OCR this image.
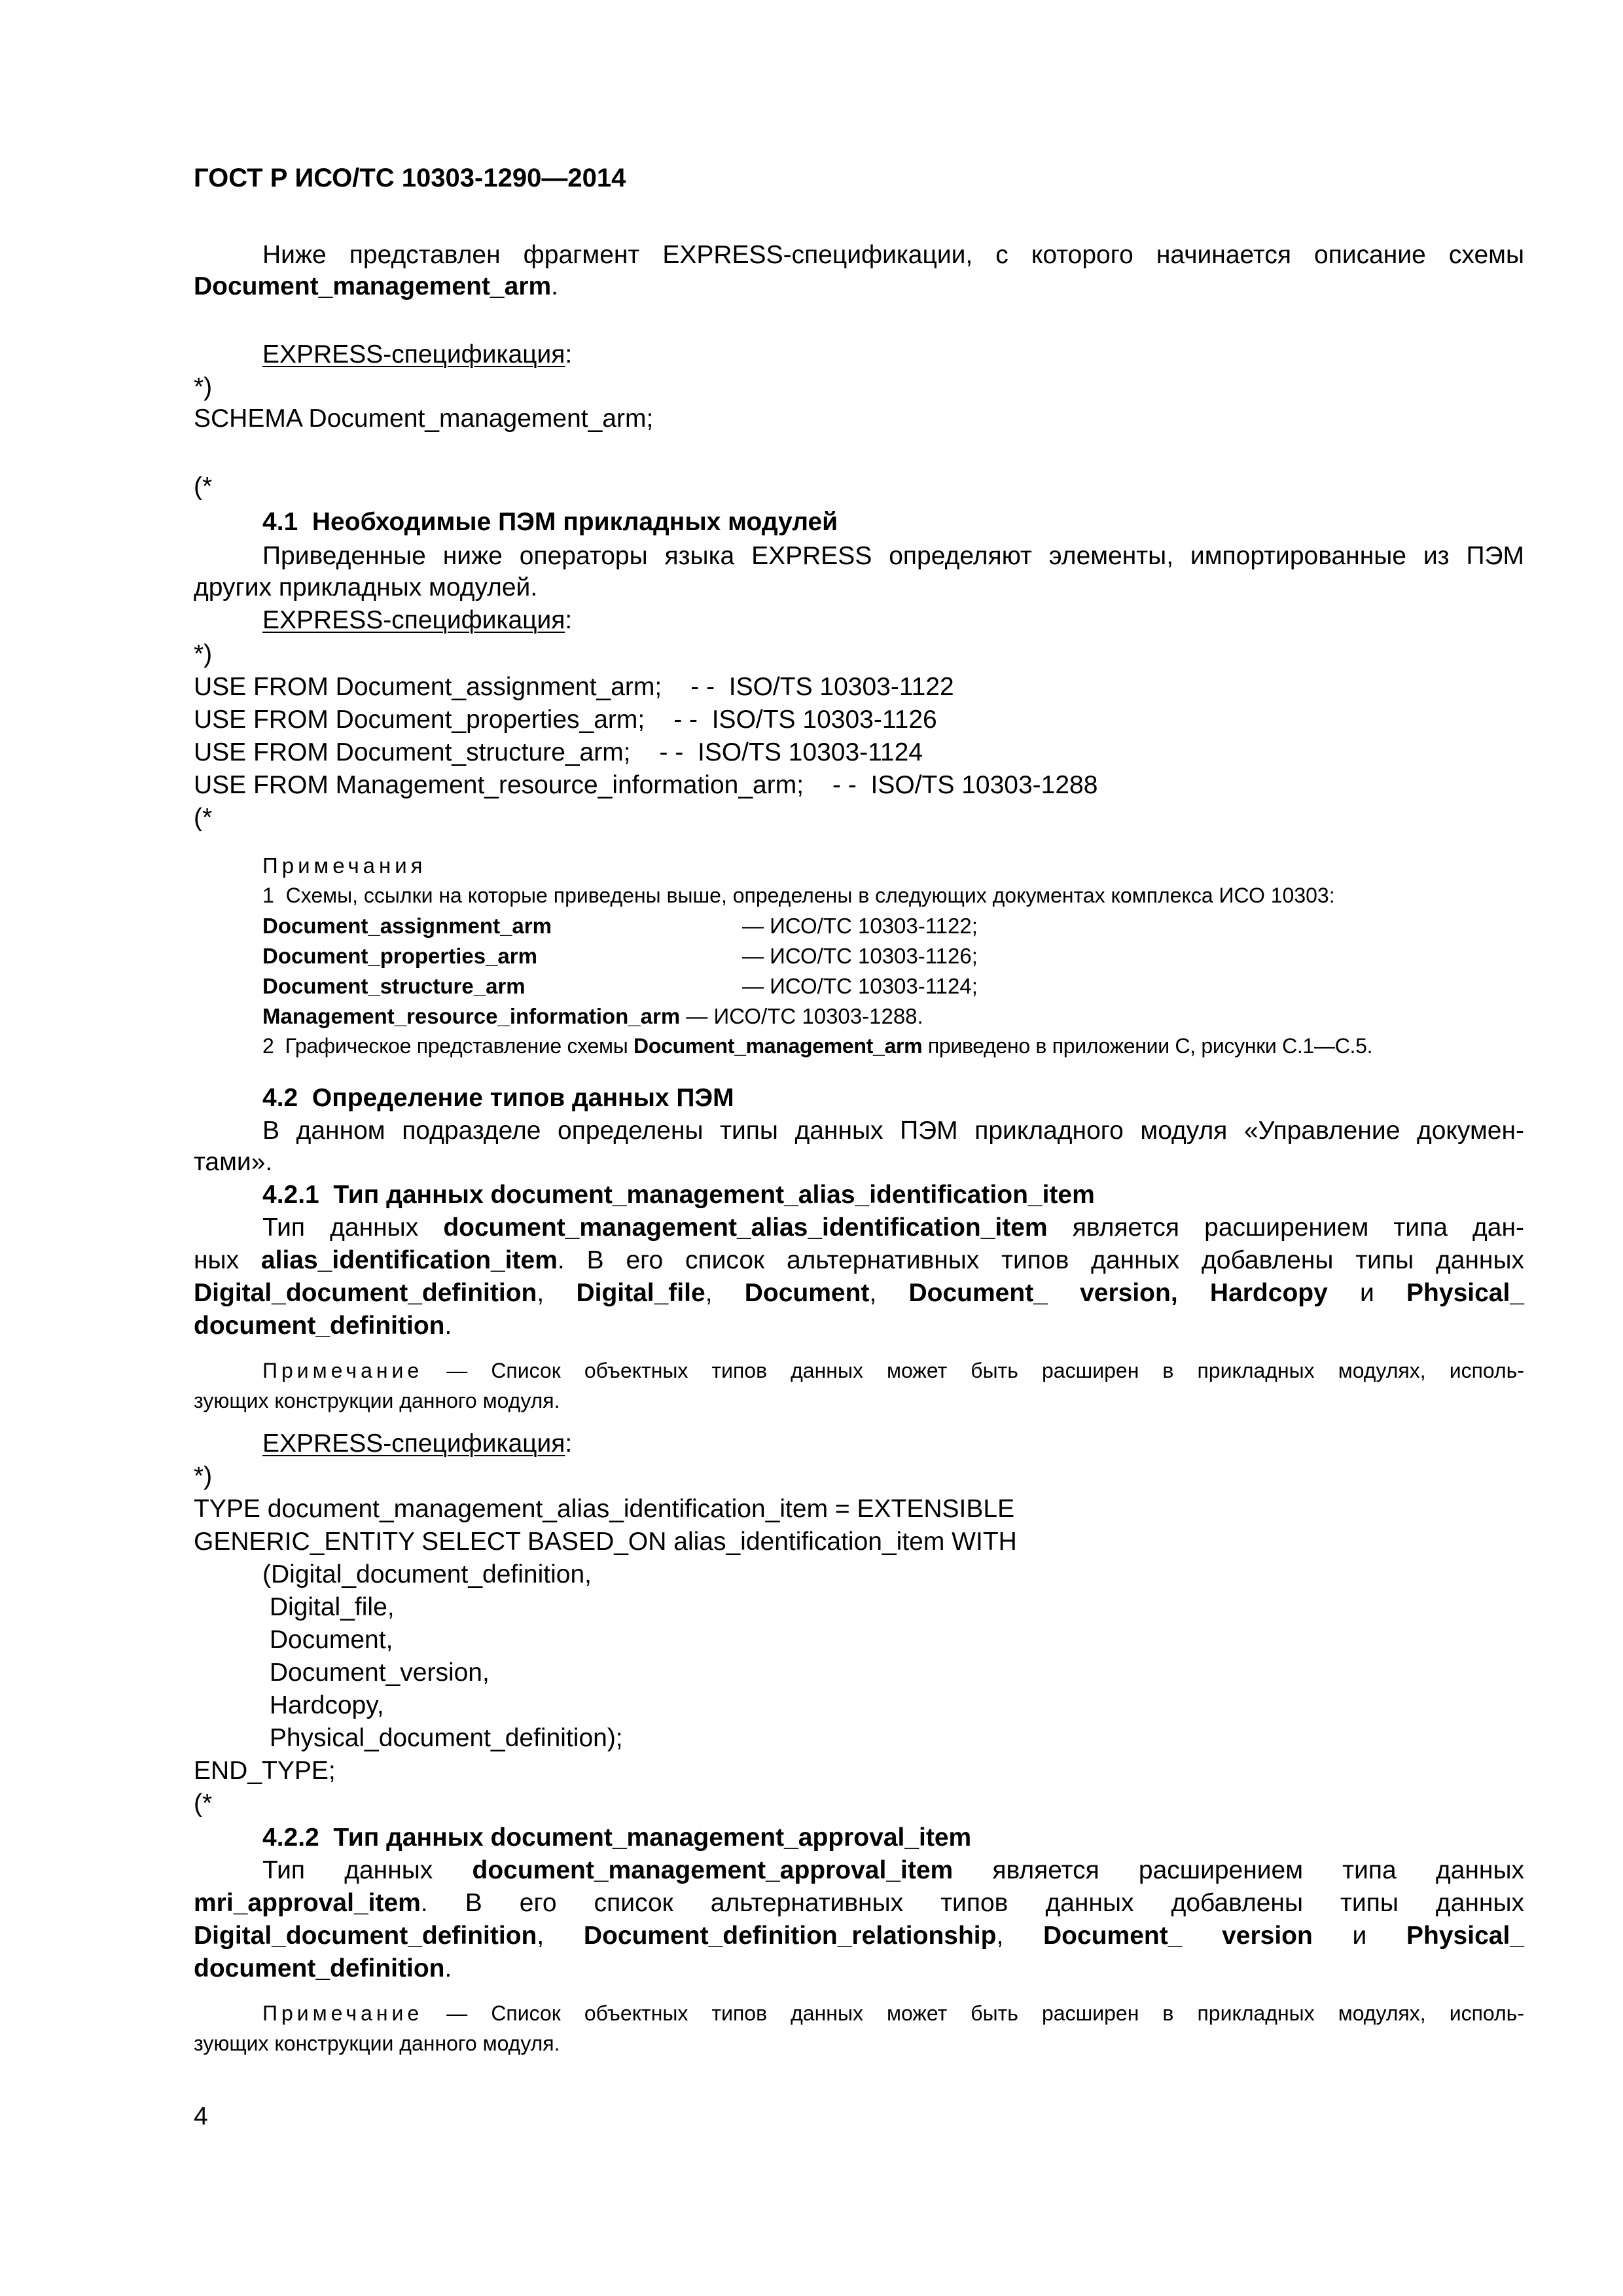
ГОСТ Р ИСО/ТС 10303-1290—2014
Ниже представлен фрагмент EXPRESS-спецификации, с которого начинается описание схемы
Document_management_arm.
EXPRESS-спецификация:
*)
SCHEMA Document_management_arm;
(*
4.1  Необходимые ПЭМ прикладных модулей
Приведенные ниже операторы языка EXPRESS определяют элементы, импортированные из ПЭМ
других прикладных модулей.
EXPRESS-спецификация:
*)
USE FROM Document_assignment_arm; - -  ISO/TS 10303-1122
USE FROM Document_properties_arm; - -  ISO/TS 10303-1126
USE FROM Document_structure_arm; - -  ISO/TS 10303-1124
USE FROM Management_resource_information_arm; - -  ISO/TS 10303-1288
(*
Примечания
1  Схемы, ссылки на которые приведены выше, определены в следующих документах комплекса ИСО 10303:
Document_assignment_arm	— ИСО/ТС 10303-1122;
Document_properties_arm	— ИСО/ТС 10303-1126;
Document_structure_arm	— ИСО/ТС 10303-1124;
Management_resource_information_arm — ИСО/ТС 10303-1288.
2  Графическое представление схемы Document_management_arm приведено в приложении С, рисунки С.1—С.5.
4.2  Определение типов данных ПЭМ
В данном подразделе определены типы данных ПЭМ прикладного модуля «Управление докумен-
тами».
4.2.1  Тип данных document_management_alias_identification_item
Тип данных document_management_alias_identification_item является расширением типа дан-
ных alias_identification_item. В его список альтернативных типов данных добавлены типы данных
Digital_document_definition, Digital_file, Document, Document_ version, Hardcopy и Physical_
document_definition.
Примечание — Список объектных типов данных может быть расширен в прикладных модулях, исполь-
зующих конструкции данного модуля.
EXPRESS-спецификация:
*)
TYPE document_management_alias_identification_item = EXTENSIBLE
GENERIC_ENTITY SELECT BASED_ON alias_identification_item WITH
(Digital_document_definition,
Digital_file,
Document,
Document_version,
Hardcopy,
Physical_document_definition);
END_TYPE;
(*
4.2.2  Тип данных document_management_approval_item
Тип данных document_management_approval_item является расширением типа данных
mri_approval_item. В его список альтернативных типов данных добавлены типы данных
Digital_document_definition, Document_definition_relationship, Document_ version и Physical_
document_definition.
Примечание — Список объектных типов данных может быть расширен в прикладных модулях, исполь-
зующих конструкции данного модуля.
4
